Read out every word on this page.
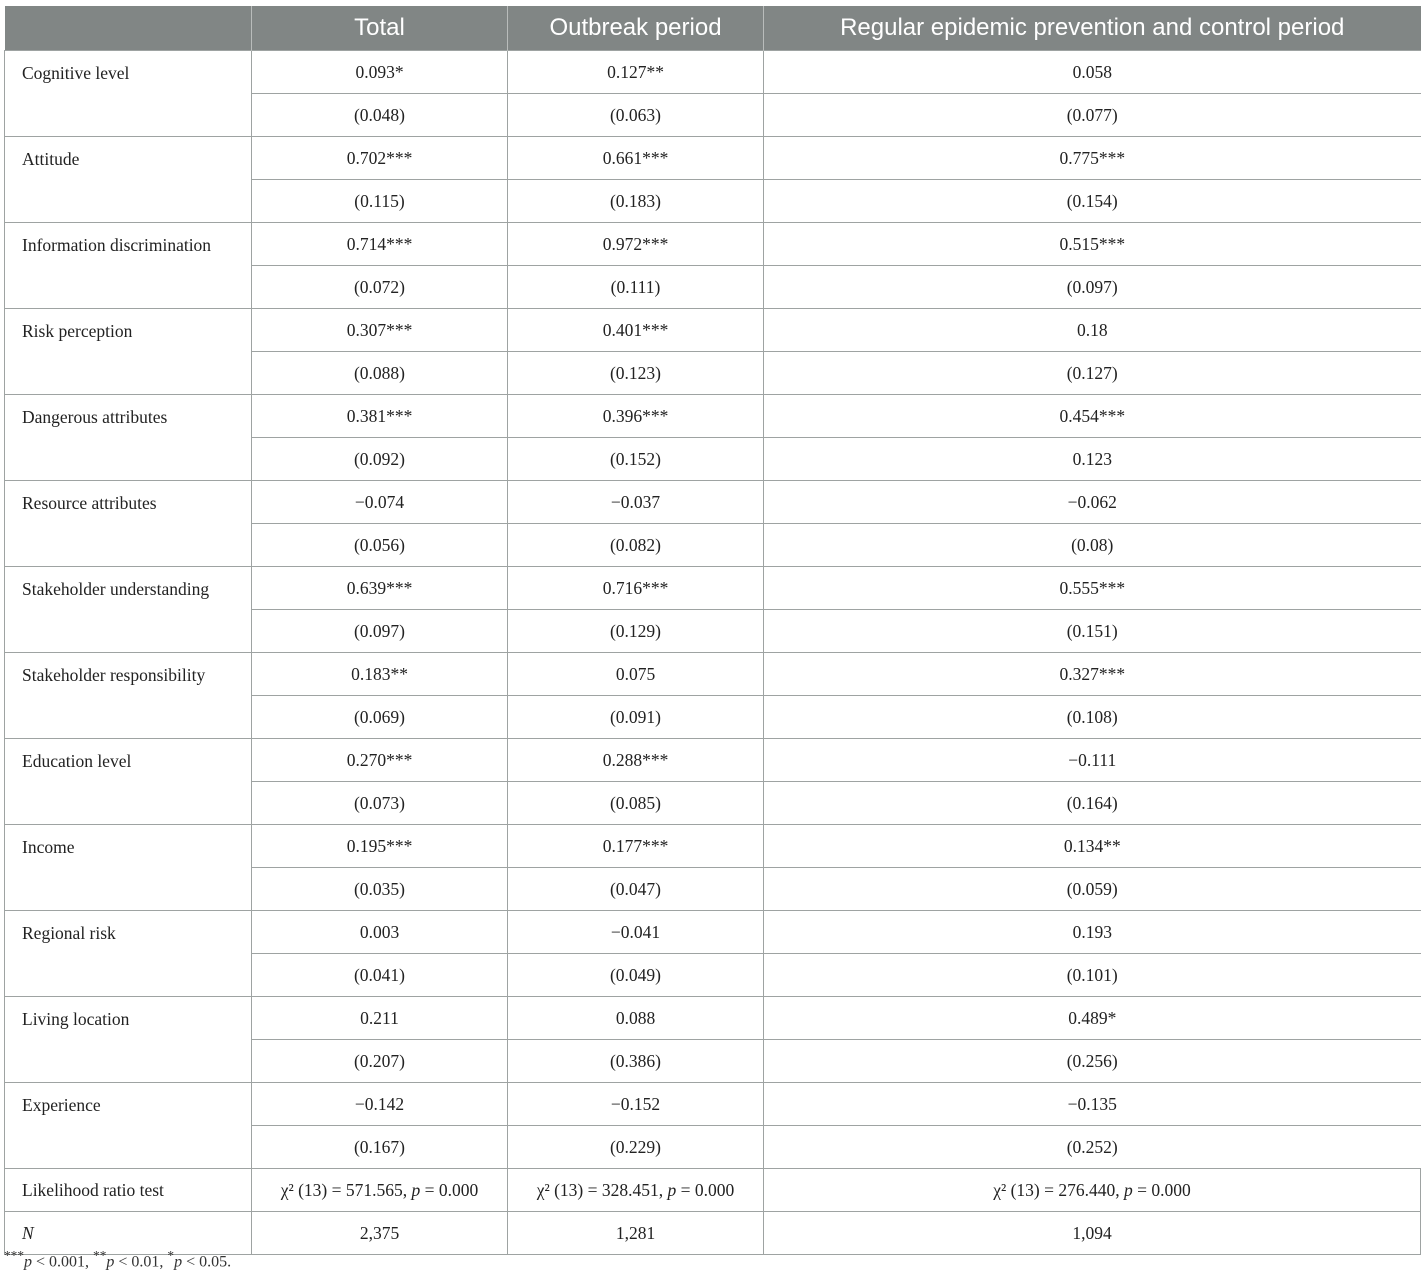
	Total	Outbreak period	Regular epidemic prevention and control period
Cognitive level	0.093*	0.127**	0.058
	(0.048)	(0.063)	(0.077)
Attitude	0.702***	0.661***	0.775***
	(0.115)	(0.183)	(0.154)
Information discrimination	0.714***	0.972***	0.515***
	(0.072)	(0.111)	(0.097)
Risk perception	0.307***	0.401***	0.18
	(0.088)	(0.123)	(0.127)
Dangerous attributes	0.381***	0.396***	0.454***
	(0.092)	(0.152)	0.123
Resource attributes	−0.074	−0.037	−0.062
	(0.056)	(0.082)	(0.08)
Stakeholder understanding	0.639***	0.716***	0.555***
	(0.097)	(0.129)	(0.151)
Stakeholder responsibility	0.183**	0.075	0.327***
	(0.069)	(0.091)	(0.108)
Education level	0.270***	0.288***	−0.111
	(0.073)	(0.085)	(0.164)
Income	0.195***	0.177***	0.134**
	(0.035)	(0.047)	(0.059)
Regional risk	0.003	−0.041	0.193
	(0.041)	(0.049)	(0.101)
Living location	0.211	0.088	0.489*
	(0.207)	(0.386)	(0.256)
Experience	−0.142	−0.152	−0.135
	(0.167)	(0.229)	(0.252)
Likelihood ratio test	χ² (13) = 571.565, p = 0.000	χ² (13) = 328.451, p = 0.000	χ² (13) = 276.440, p = 0.000
N	2,375	1,281	1,094
***p < 0.001, **p < 0.01, *p < 0.05.
